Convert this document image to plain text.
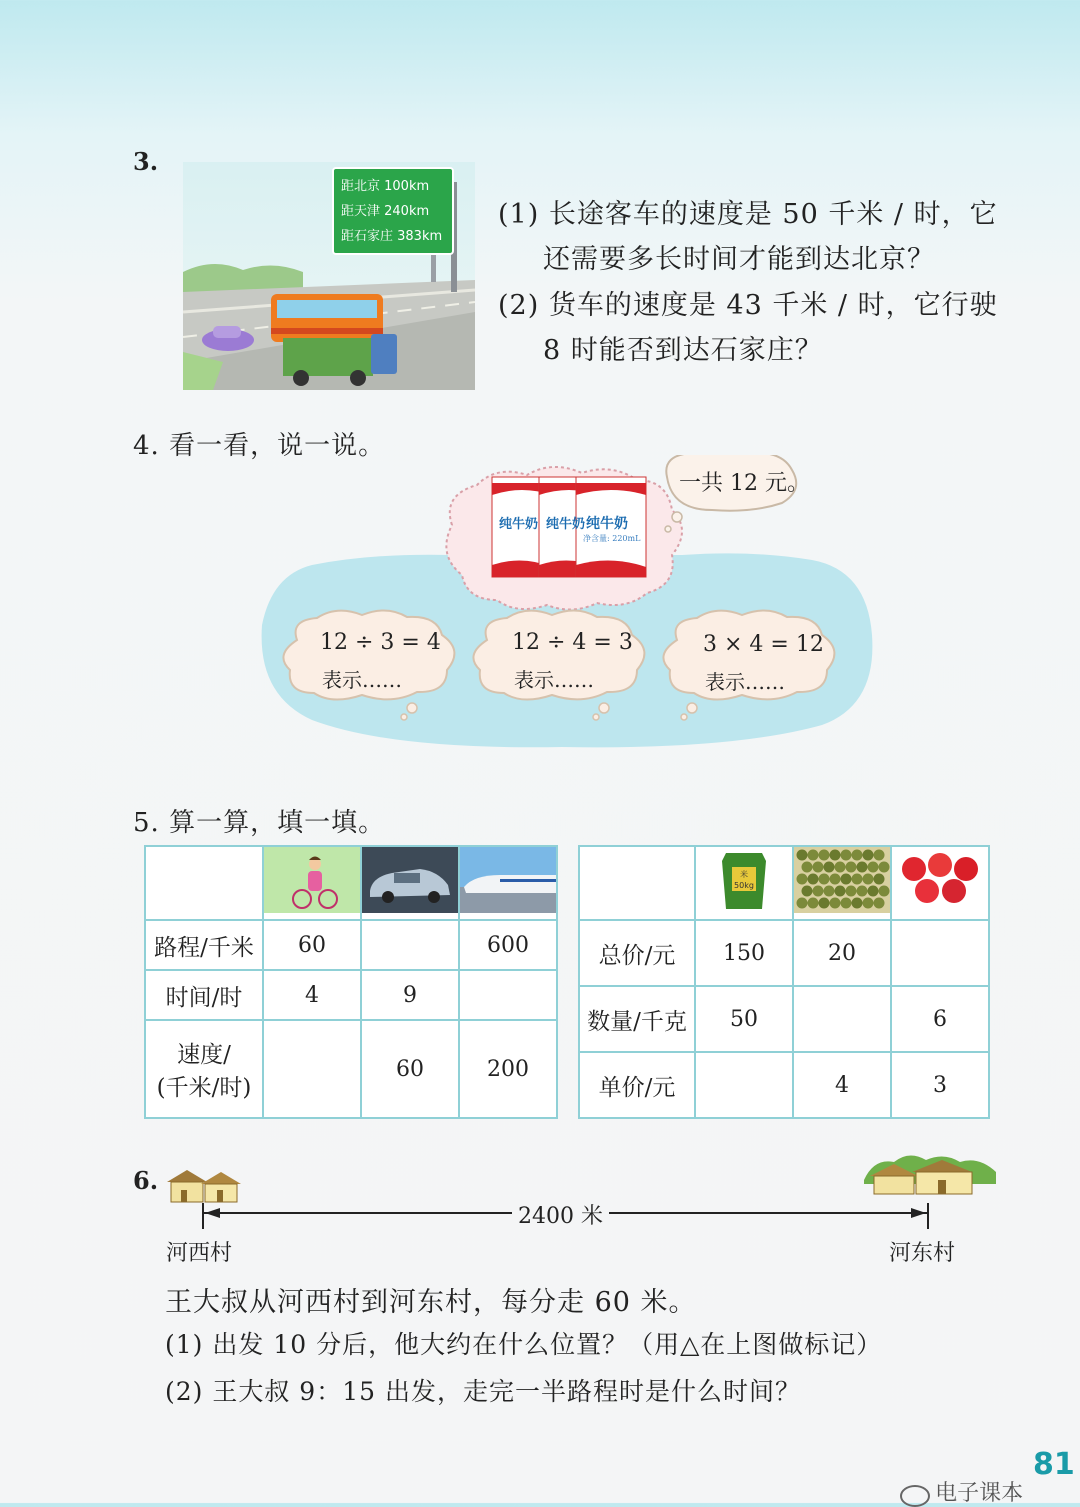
3.
距北京 100km
距天津 240km
距石家庄 383km
(1) 长途客车的速度是 50 千米 / 时，它
还需要多长时间才能到达北京？
(2) 货车的速度是 43 千米 / 时，它行驶
8 时能否到达石家庄？
4. 看一看，说一说。
纯牛奶 纯牛奶 纯牛奶
净含量: 220mL
一共 12 元。
12 ÷ 3 = 4
表示……
12 ÷ 4 = 3
表示……
3 × 4 = 12
表示……
5. 算一算，填一填。

路程/千米	60		600
时间/时	4	9	

速度/
(千米/时)		60	200

米
50kg

总价/元	150	20	
数量/千克	50		6
单价/元		4	3
6.
2400 米
河西村	河东村
王大叔从河西村到河东村，每分走 60 米。
(1) 出发 10 分后，他大约在什么位置？（用△在上图做标记）
(2) 王大叔 9：15 出发，走完一半路程时是什么时间？
81
电子课本
